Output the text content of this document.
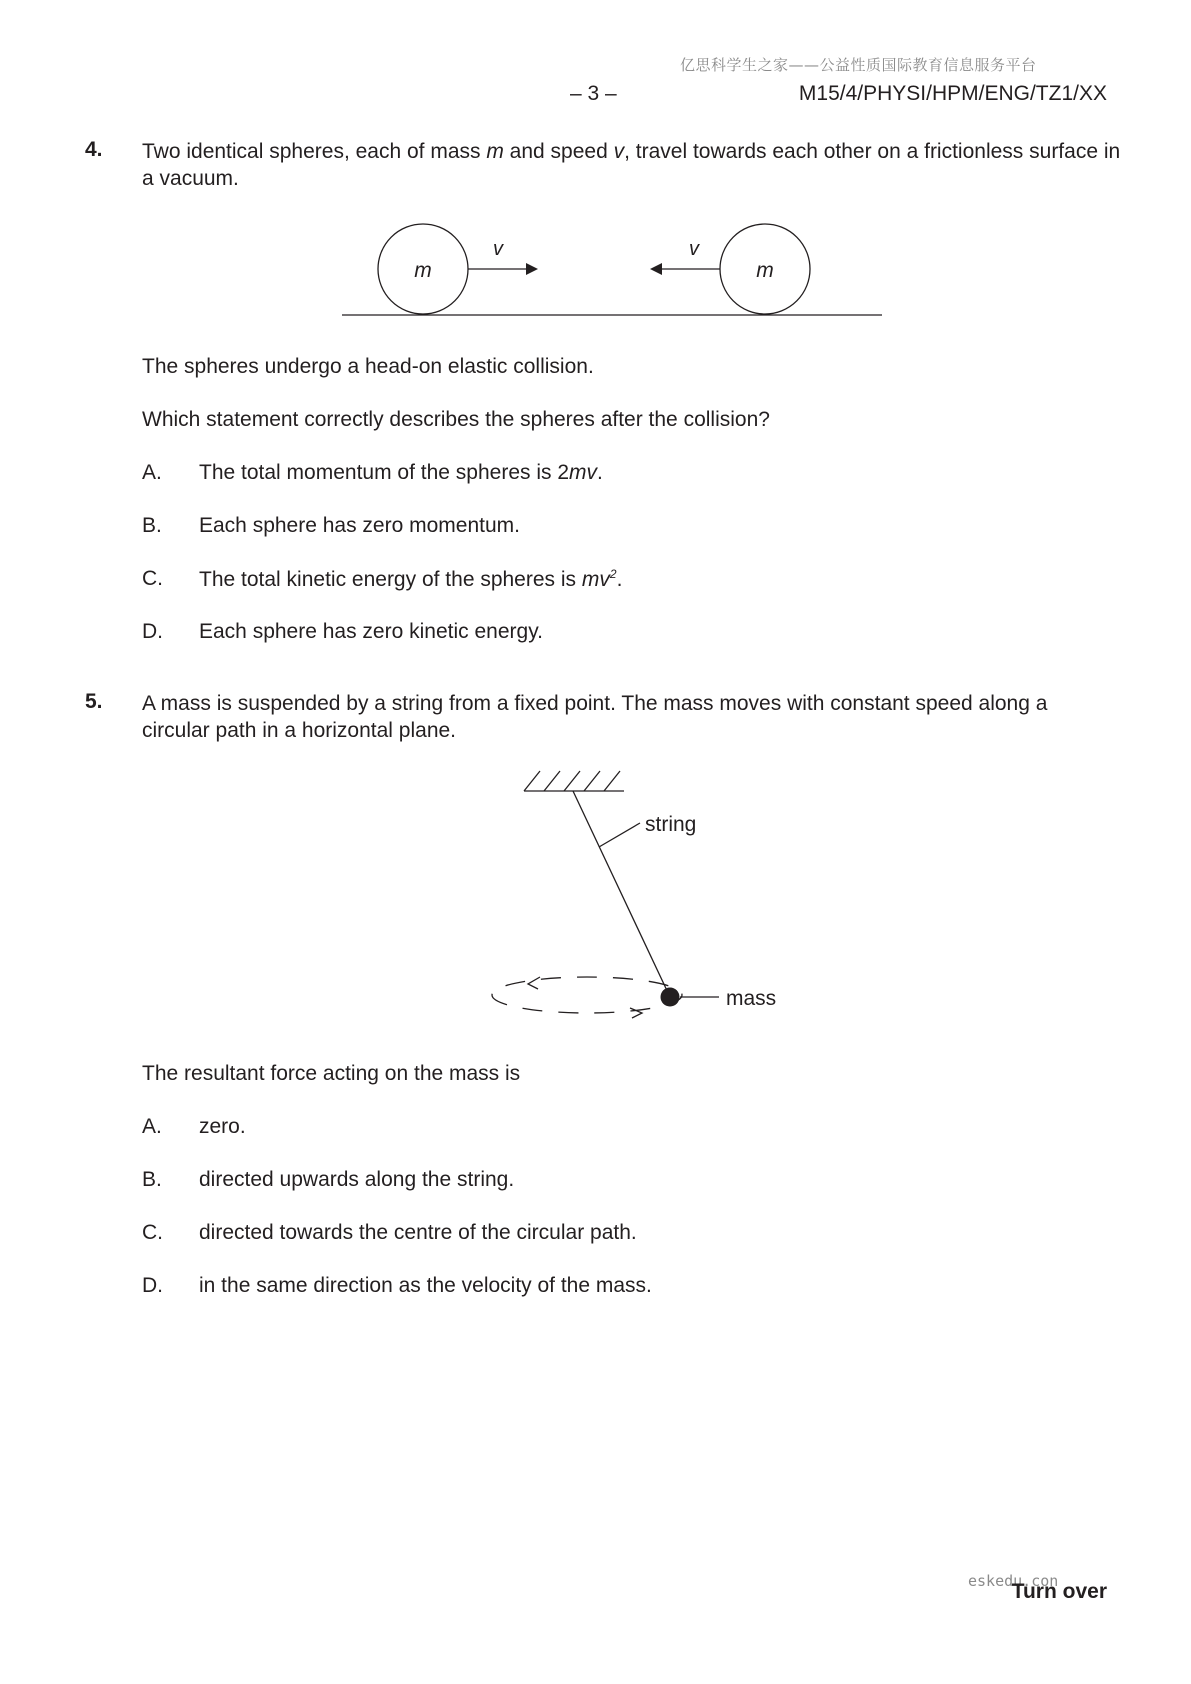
亿思科学生之家——公益性质国际教育信息服务平台
– 3 –	M15/4/PHYSI/HPM/ENG/TZ1/XX
4. Two identical spheres, each of mass m and speed v, travel towards each other on a frictionless surface in a vacuum.
m	m
v	v
The spheres undergo a head-on elastic collision.
Which statement correctly describes the spheres after the collision?
A. The total momentum of the spheres is 2mv.
B. Each sphere has zero momentum.
C. The total kinetic energy of the spheres is $mv^2$.
D. Each sphere has zero kinetic energy.
5. A mass is suspended by a string from a fixed point. The mass moves with constant speed along a circular path in a horizontal plane.
string
mass
The resultant force acting on the mass is
A. zero.
B. directed upwards along the string.
C. directed towards the centre of the circular path.
D. in the same direction as the velocity of the mass.
eskedu.con
Turn over
